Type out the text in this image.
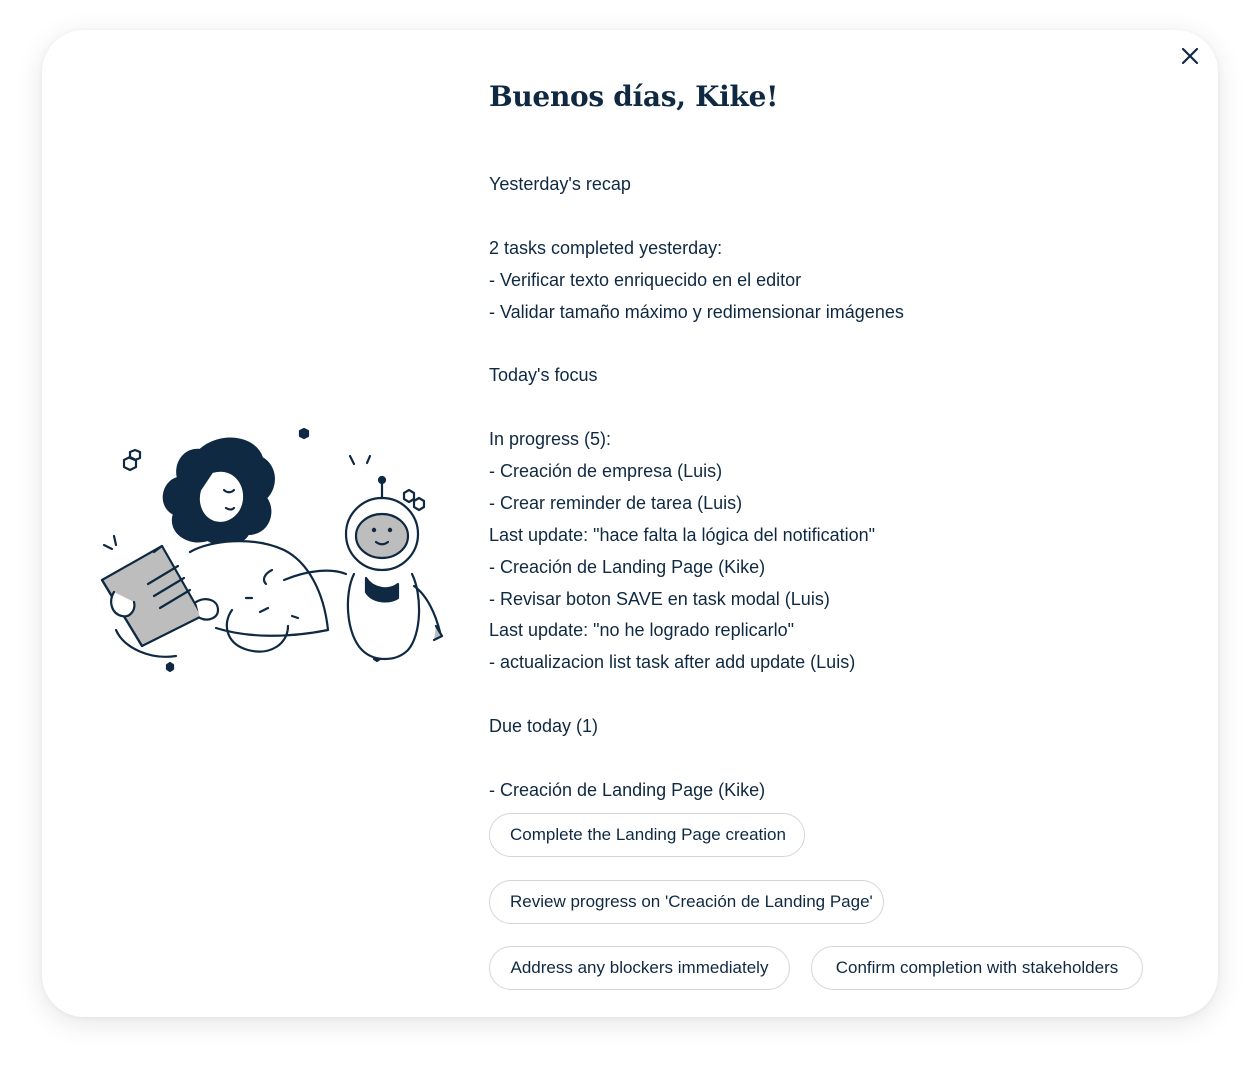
Buenos días, Kike!
Yesterday's recap
2 tasks completed yesterday:
- Verificar texto enriquecido en el editor
- Validar tamaño máximo y redimensionar imágenes
Today's focus
In progress (5):
- Creación de empresa (Luis)
- Crear reminder de tarea (Luis)
Last update: "hace falta la lógica del notification"
- Creación de Landing Page (Kike)
- Revisar boton SAVE en task modal (Luis)
Last update: "no he logrado replicarlo"
- actualizacion list task after add update (Luis)
Due today (1)
- Creación de Landing Page (Kike)
Complete the Landing Page creation
Review progress on 'Creación de Landing Page'
Address any blockers immediately	Confirm completion with stakeholders
